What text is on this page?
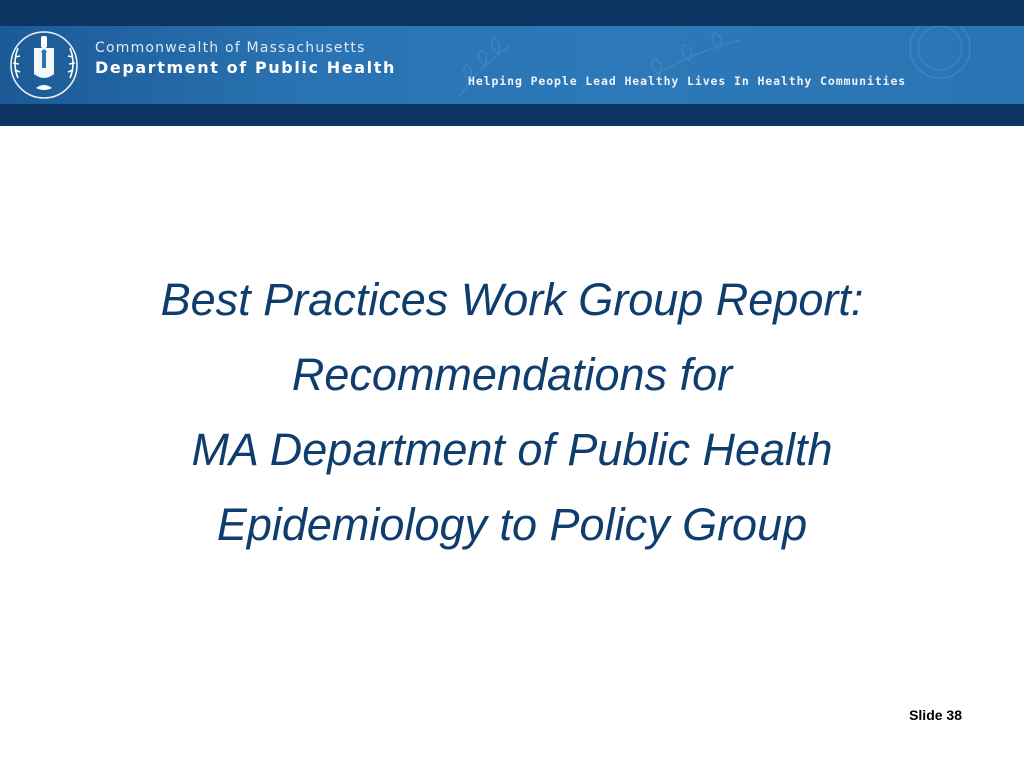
Commonwealth of Massachusetts
Department of Public Health
Helping People Lead Healthy Lives In Healthy Communities
Best Practices Work Group Report:
Recommendations for
MA Department of Public Health
Epidemiology to Policy Group
Slide 38
